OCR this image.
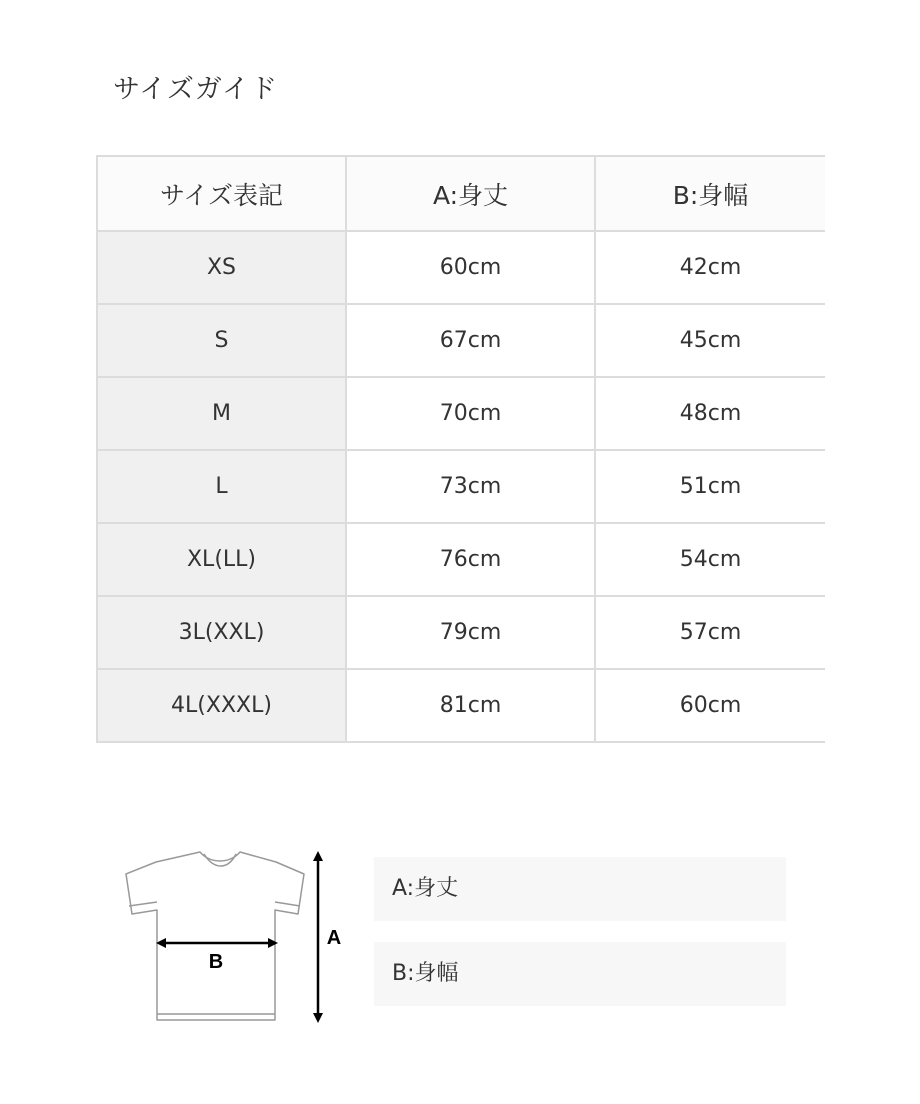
サイズガイド
サイズ表記	A:身丈	B:身幅
XS	60cm	42cm
S	67cm	45cm
M	70cm	48cm
L	73cm	51cm
XL(LL)	76cm	54cm
3L(XXL)	79cm	57cm
4L(XXXL)	81cm	60cm
B
A
A:身丈
B:身幅
